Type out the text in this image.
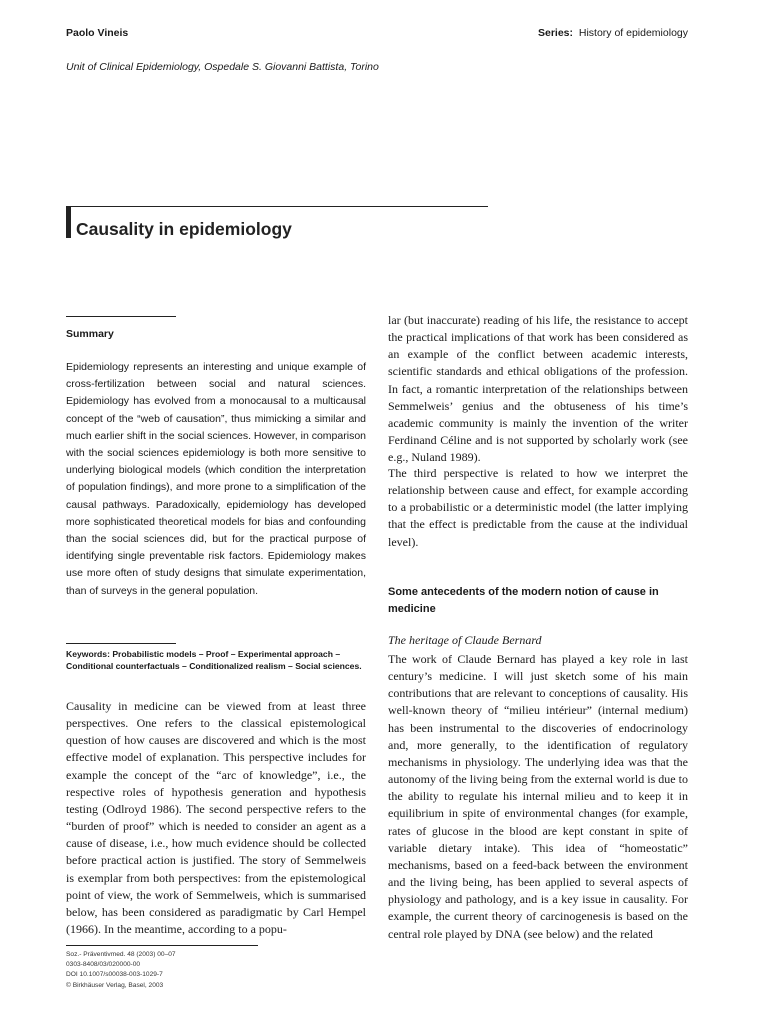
Paolo Vineis	Series: History of epidemiology
Unit of Clinical Epidemiology, Ospedale S. Giovanni Battista, Torino
Causality in epidemiology
Summary
Epidemiology represents an interesting and unique example of cross-fertilization between social and natural sciences. Epidemiology has evolved from a monocausal to a multicausal concept of the “web of causation”, thus mimicking a similar and much earlier shift in the social sciences. However, in comparison with the social sciences epidemiology is both more sensitive to underlying biological models (which condition the interpretation of population findings), and more prone to a simplification of the causal pathways. Paradoxically, epidemiology has developed more sophisticated theoretical models for bias and confounding than the social sciences did, but for the practical purpose of identifying single preventable risk factors. Epidemiology makes use more often of study designs that simulate experimentation, than of surveys in the general population.
Keywords: Probabilistic models – Proof – Experimental approach – Conditional counterfactuals – Conditionalized realism – Social sciences.
Causality in medicine can be viewed from at least three perspectives. One refers to the classical epistemological question of how causes are discovered and which is the most effective model of explanation. This perspective includes for example the concept of the “arc of knowledge”, i.e., the respective roles of hypothesis generation and hypothesis testing (Odlroyd 1986). The second perspective refers to the “burden of proof” which is needed to consider an agent as a cause of disease, i.e., how much evidence should be collected before practical action is justified. The story of Semmelweis is exemplar from both perspectives: from the epistemological point of view, the work of Semmelweis, which is summarised below, has been considered as paradigmatic by Carl Hempel (1966). In the meantime, according to a popu-
Soz.- Präventivmed. 48 (2003) 00–07
0303-8408/03/020000-00
DOI 10.1007/s00038-003-1029-7
© Birkhäuser Verlag, Basel, 2003
lar (but inaccurate) reading of his life, the resistance to accept the practical implications of that work has been considered as an example of the conflict between academic interests, scientific standards and ethical obligations of the profession. In fact, a romantic interpretation of the relationships between Semmelweis’ genius and the obtuseness of his time’s academic community is mainly the invention of the writer Ferdinand Céline and is not supported by scholarly work (see e.g., Nuland 1989).
The third perspective is related to how we interpret the relationship between cause and effect, for example according to a probabilistic or a deterministic model (the latter implying that the effect is predictable from the cause at the individual level).
Some antecedents of the modern notion of cause in medicine
The heritage of Claude Bernard
The work of Claude Bernard has played a key role in last century’s medicine. I will just sketch some of his main contributions that are relevant to conceptions of causality. His well-known theory of “milieu intérieur” (internal medium) has been instrumental to the discoveries of endocrinology and, more generally, to the identification of regulatory mechanisms in physiology. The underlying idea was that the autonomy of the living being from the external world is due to the ability to regulate his internal milieu and to keep it in equilibrium in spite of environmental changes (for example, rates of glucose in the blood are kept constant in spite of variable dietary intake). This idea of “homeostatic” mechanisms, based on a feed-back between the environment and the living being, has been applied to several aspects of physiology and pathology, and is a key issue in causality. For example, the current theory of carcinogenesis is based on the central role played by DNA (see below) and the related
